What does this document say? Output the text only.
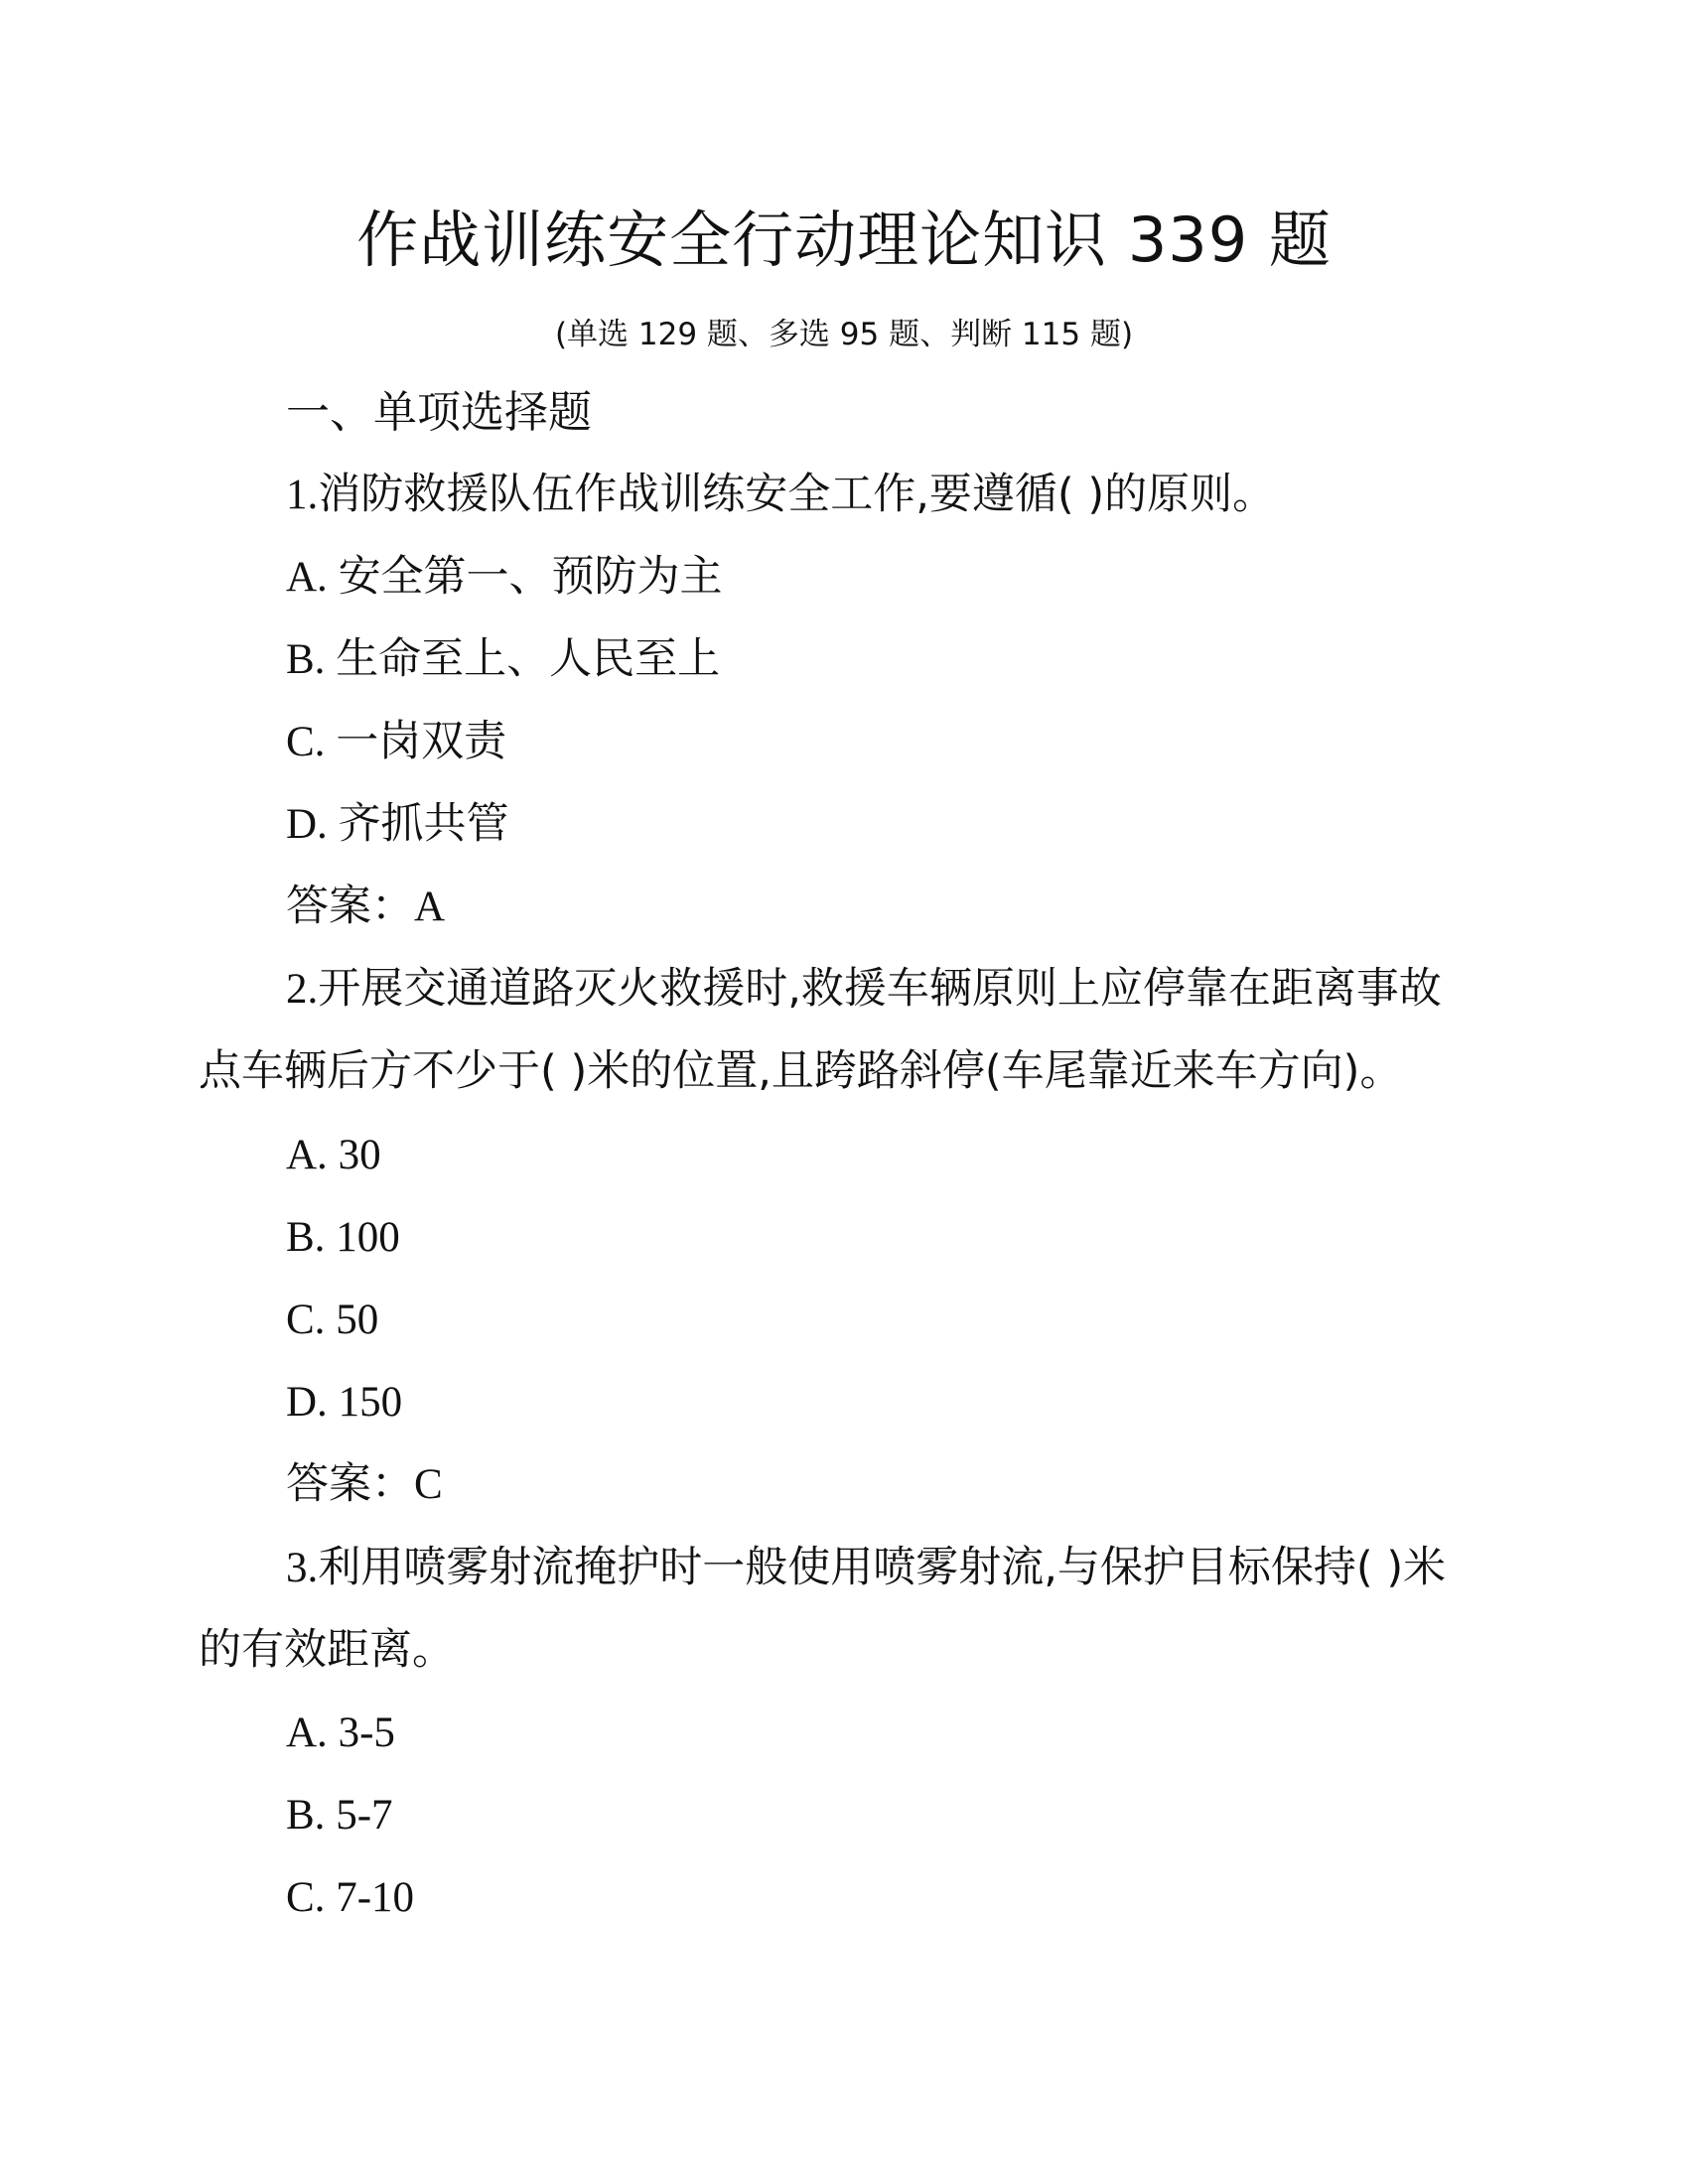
作战训练安全行动理论知识 339 题
(单选 129 题、多选 95 题、判断 115 题)
一、单项选择题
1.消防救援队伍作战训练安全工作,要遵循( )的原则。
A. 安全第一、预防为主
B. 生命至上、人民至上
C. 一岗双责
D. 齐抓共管
答案：A
2.开展交通道路灭火救援时,救援车辆原则上应停靠在距离事故
点车辆后方不少于( )米的位置,且跨路斜停(车尾靠近来车方向)。
A. 30
B. 100
C. 50
D. 150
答案：C
3.利用喷雾射流掩护时一般使用喷雾射流,与保护目标保持( )米
的有效距离。
A. 3-5
B. 5-7
C. 7-10
